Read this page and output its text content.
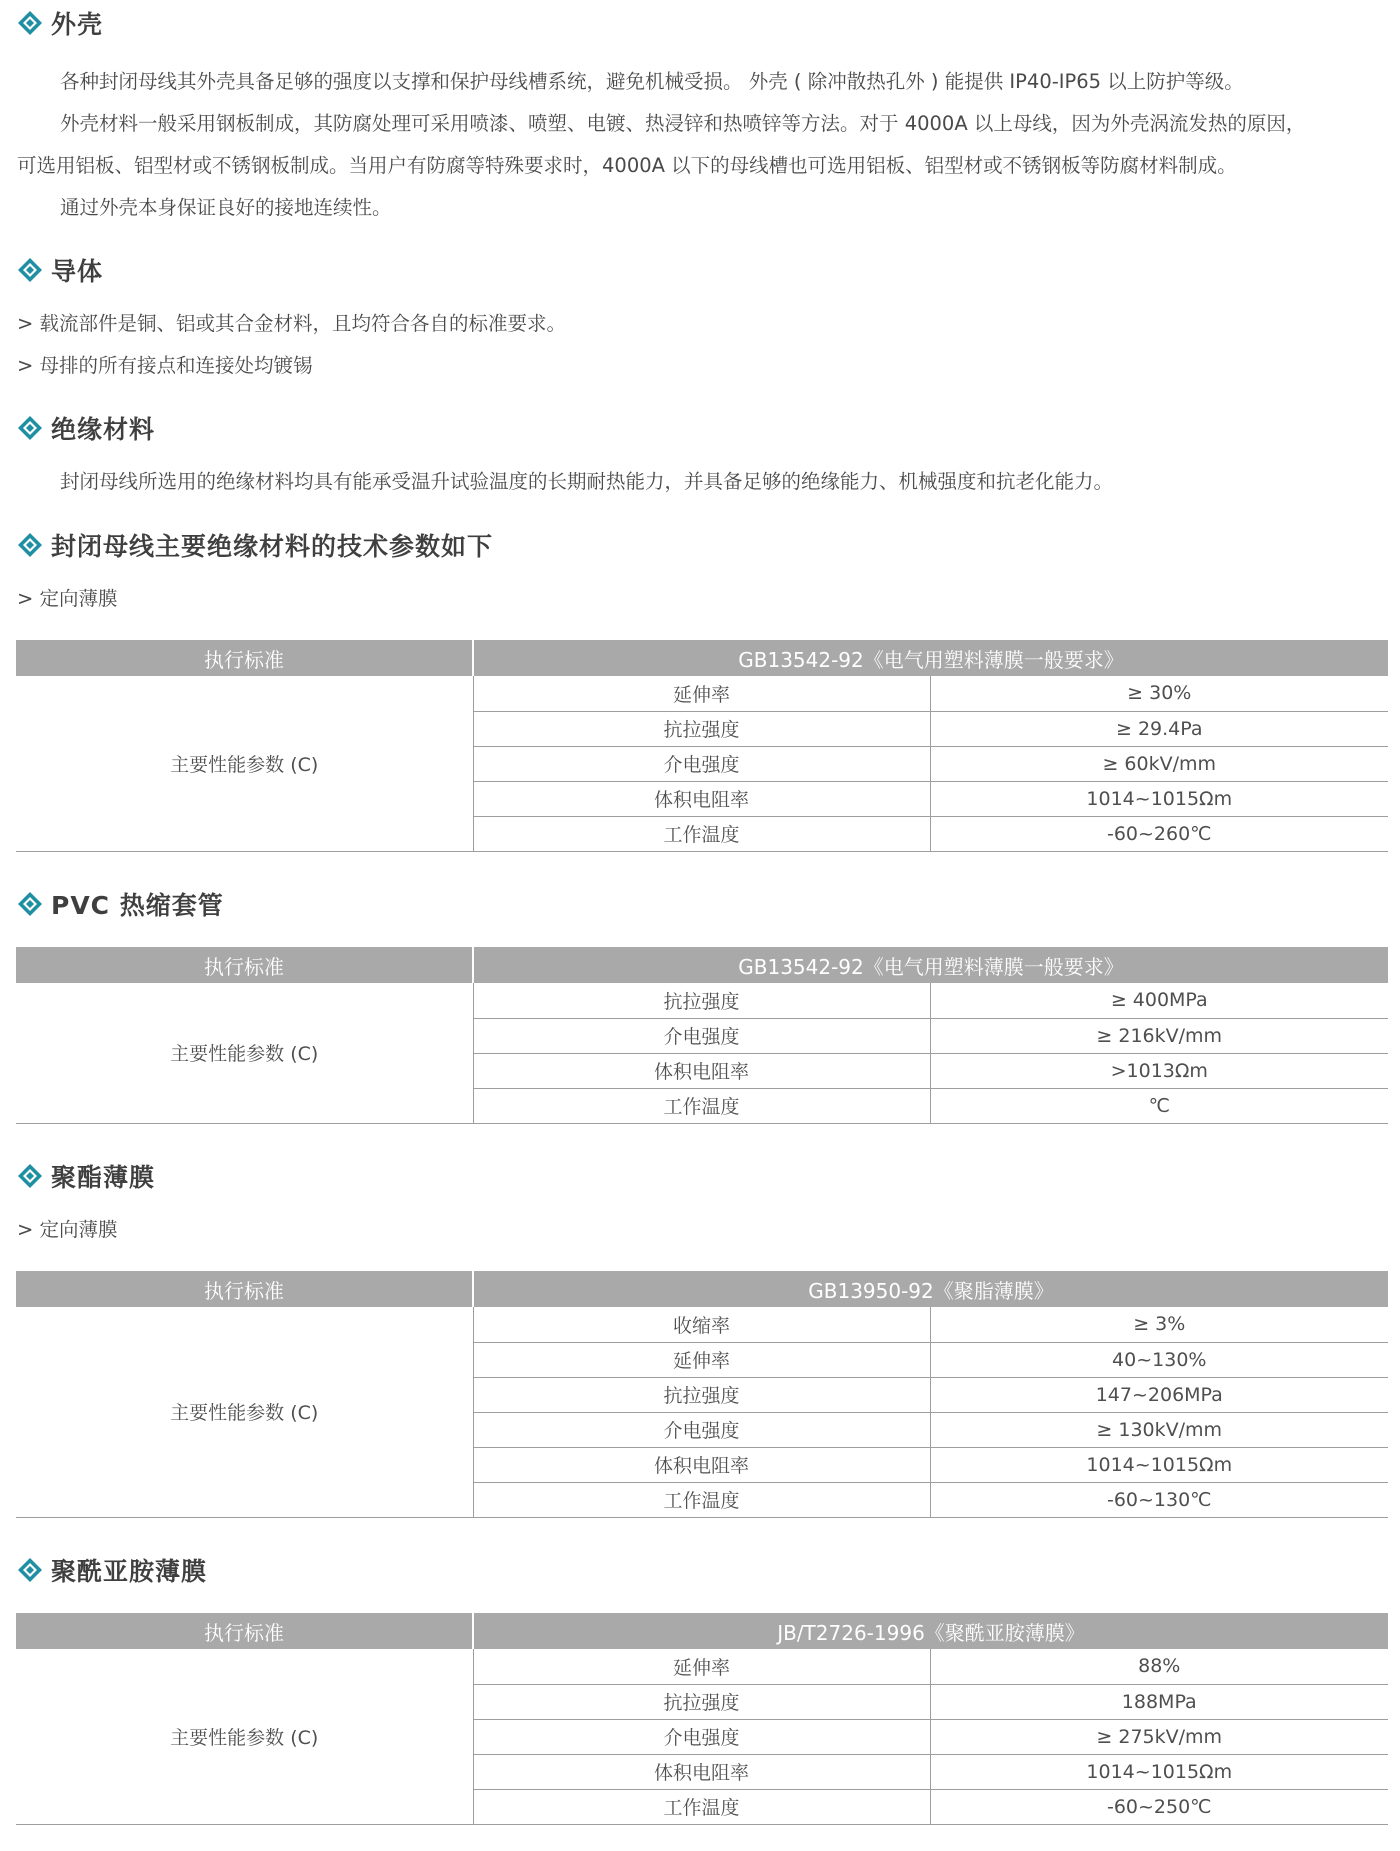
外壳
各种封闭母线其外壳具备足够的强度以支撑和保护母线槽系统，避免机械受损。 外壳 ( 除冲散热孔外 ) 能提供 IP40-IP65 以上防护等级。
外壳材料一般采用钢板制成，其防腐处理可采用喷漆、喷塑、电镀、热浸锌和热喷锌等方法。对于 4000A 以上母线，因为外壳涡流发热的原因，
可选用铝板、铝型材或不锈钢板制成。当用户有防腐等特殊要求时，4000A 以下的母线槽也可选用铝板、铝型材或不锈钢板等防腐材料制成。
通过外壳本身保证良好的接地连续性。
导体
> 载流部件是铜、铝或其合金材料，且均符合各自的标准要求。
> 母排的所有接点和连接处均镀锡
绝缘材料
封闭母线所选用的绝缘材料均具有能承受温升试验温度的长期耐热能力，并具备足够的绝缘能力、机械强度和抗老化能力。
封闭母线主要绝缘材料的技术参数如下
> 定向薄膜
执行标准	GB13542-92《电气用塑料薄膜一般要求》	
主要性能参数 (C)	延伸率	≥ 30%
	抗拉强度	≥ 29.4Pa
	介电强度	≥ 60kV/mm
	体积电阻率	1014~1015Ωm
	工作温度	-60~260℃
PVC 热缩套管
执行标准	GB13542-92《电气用塑料薄膜一般要求》	
主要性能参数 (C)	抗拉强度	≥ 400MPa
	介电强度	≥ 216kV/mm
	体积电阻率	>1013Ωm
	工作温度	℃
聚酯薄膜
> 定向薄膜
执行标准	GB13950-92《聚脂薄膜》	
主要性能参数 (C)	收缩率	≥ 3%
	延伸率	40~130%
	抗拉强度	147~206MPa
	介电强度	≥ 130kV/mm
	体积电阻率	1014~1015Ωm
	工作温度	-60~130℃
聚酰亚胺薄膜
执行标准	JB/T2726-1996《聚酰亚胺薄膜》	
主要性能参数 (C)	延伸率	88%
	抗拉强度	188MPa
	介电强度	≥ 275kV/mm
	体积电阻率	1014~1015Ωm
	工作温度	-60~250℃
